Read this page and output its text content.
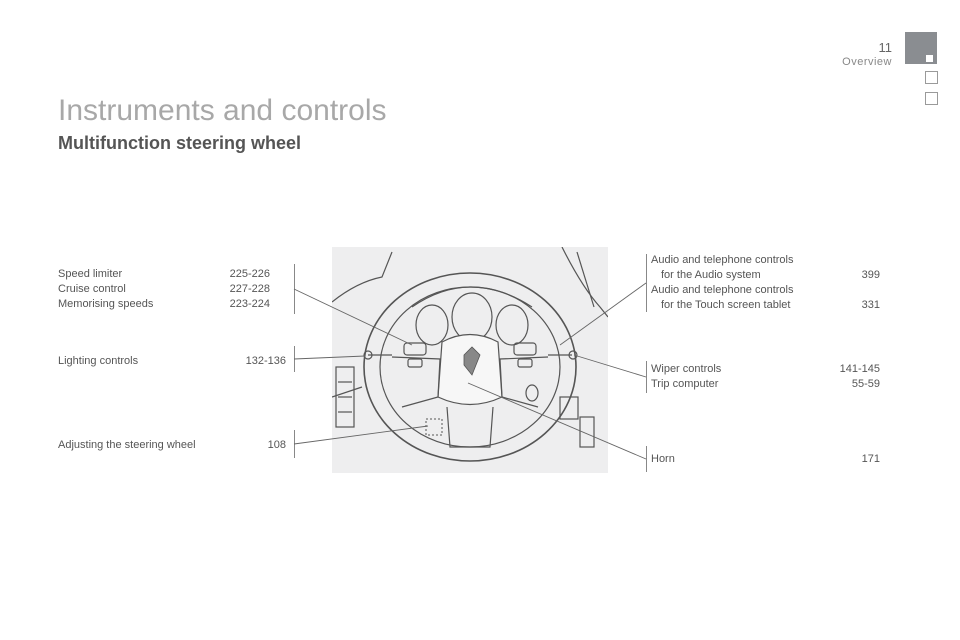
11
Overview
Instruments and controls
Multifunction steering wheel
Speed limiter	225-226
Cruise control	227-228
Memorising speeds	223-224
Lighting controls	132-136
Adjusting the steering wheel	108
Audio and telephone controls
for the Audio system	399
Audio and telephone controls
for the Touch screen tablet	331
Wiper controls	141-145
Trip computer	55-59
Horn	171
